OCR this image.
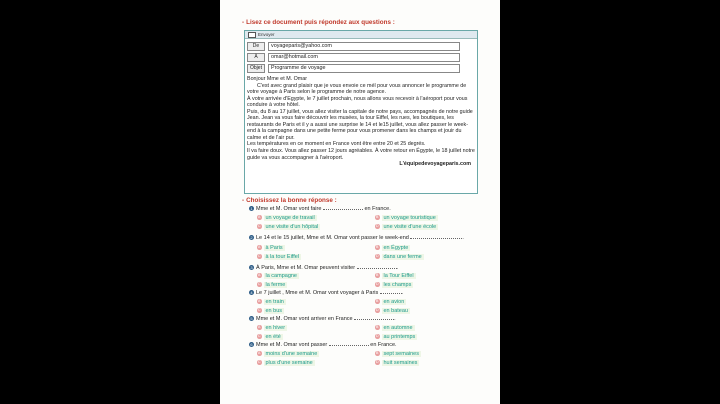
- Lisez ce document puis répondez aux questions :
Envoyer
De	voyageparis@yahoo.com
À	omar@hotmail.com
Objet	Programme de voyage

Bonjour Mme et M. Omar

C'est avec grand plaisir que je vous envoie ce mél pour vous annoncer le programme de votre voyage à Paris selon le programme de notre agence.

À votre arrivée d'Egypte, le 7 juillet prochain, nous allons vous recevoir à l'aéroport pour vous conduire à votre hôtel.

Puis, du 8 au 17 juillet, vous allez visiter la capitale de notre pays, accompagnés de notre guide Jean. Jean va vous faire découvrir les musées, la tour Eiffel, les rues, les boutiques, les restaurants de Paris et il y a aussi une surprise le 14 et le15 juillet, vous allez passer le week-end à la campagne dans une petite ferme pour vous promener dans les champs et jouir du calme et de l'air pur.

Les températures en ce moment en France vont être entre 20 et 25 degrés.

Il va faire doux. Vous allez passer 12 jours agréables. À votre retour en Égypte, le 18 juillet notre guide va vous accompagner à l'aéroport.

L'équipedevoyageparis.com

- Choisissez la bonne réponse :
1 Mme et M. Omar vont faire	en France.
A un voyage de travail	B un voyage touristique
C une visite d'un hôpital	D une visite d'une école
2 Le 14 et le 15 juillet, Mme et M. Omar vont passer le week-end	.
A à Paris	B en Égypte
C à la tour Eiffel	D dans une ferme
3 À Paris, Mme et M. Omar peuvent visiter	.
A la campagne	B la Tour Eiffel
C la ferme	D les champs
4 Le 7 juillet , Mme et M. Omar vont voyager à Paris	.
A en train	B en avion
C en bus	D en bateau
5 Mme et M. Omar vont arriver en France	.
A en hiver	B en automne
C en été	D au printemps
6 Mme et M. Omar vont passer	en France.
A moins d'une semaine	B sept semaines
C plus d'une semaine	D huit semaines
